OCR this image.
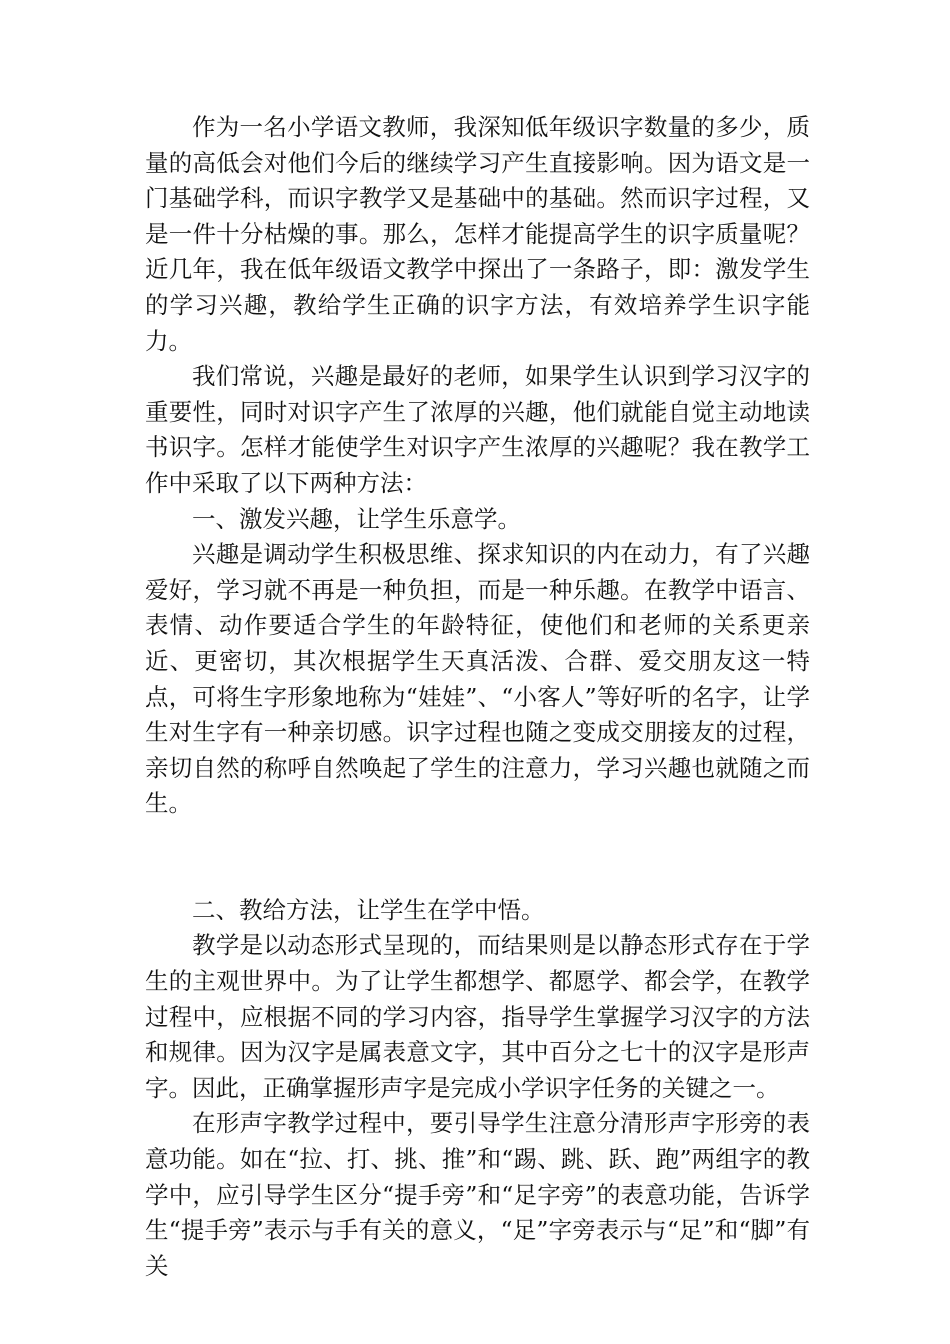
作为一名小学语文教师，我深知低年级识字数量的多少，质量的高低会对他们今后的继续学习产生直接影响。因为语文是一门基础学科，而识字教学又是基础中的基础。然而识字过程，又是一件十分枯燥的事。那么，怎样才能提高学生的识字质量呢？近几年，我在低年级语文教学中探出了一条路子，即：激发学生的学习兴趣，教给学生正确的识字方法，有效培养学生识字能力。

我们常说，兴趣是最好的老师，如果学生认识到学习汉字的重要性，同时对识字产生了浓厚的兴趣，他们就能自觉主动地读书识字。怎样才能使学生对识字产生浓厚的兴趣呢？我在教学工作中采取了以下两种方法：

一、激发兴趣，让学生乐意学。

兴趣是调动学生积极思维、探求知识的内在动力，有了兴趣爱好，学习就不再是一种负担，而是一种乐趣。在教学中语言、表情、动作要适合学生的年龄特征，使他们和老师的关系更亲近、更密切，其次根据学生天真活泼、合群、爱交朋友这一特点，可将生字形象地称为“娃娃”、“小客人”等好听的名字，让学生对生字有一种亲切感。识字过程也随之变成交朋接友的过程，亲切自然的称呼自然唤起了学生的注意力，学习兴趣也就随之而生。

二、教给方法，让学生在学中悟。

教学是以动态形式呈现的，而结果则是以静态形式存在于学生的主观世界中。为了让学生都想学、都愿学、都会学，在教学过程中，应根据不同的学习内容，指导学生掌握学习汉字的方法和规律。因为汉字是属表意文字，其中百分之七十的汉字是形声字。因此，正确掌握形声字是完成小学识字任务的关键之一。

在形声字教学过程中，要引导学生注意分清形声字形旁的表意功能。如在“拉、打、挑、推”和“踢、跳、跃、跑”两组字的教学中，应引导学生区分“提手旁”和“足字旁”的表意功能，告诉学生“提手旁”表示与手有关的意义，“足”字旁表示与“足”和“脚”有关
